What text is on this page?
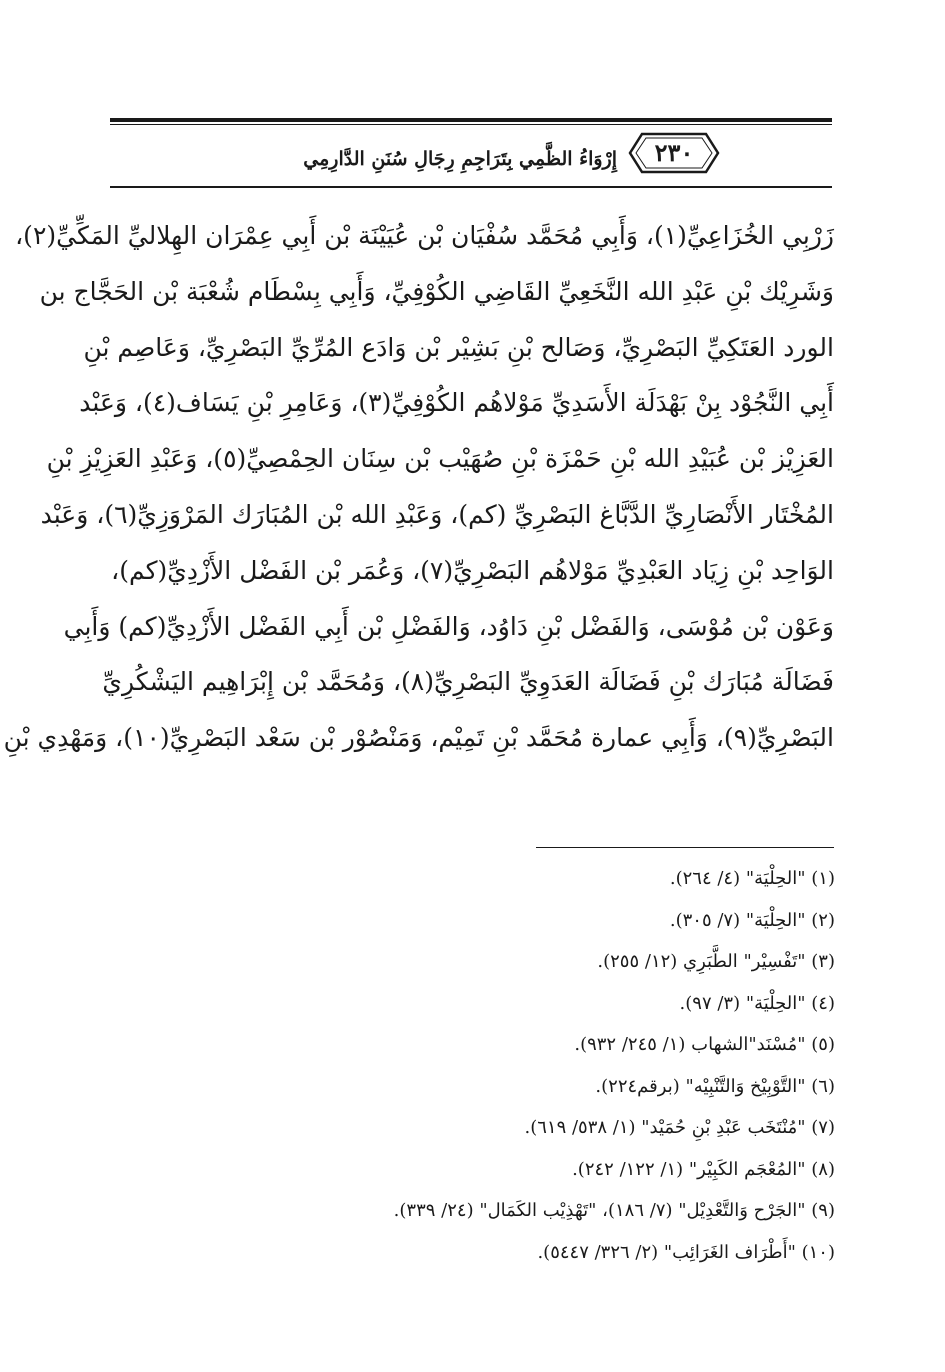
٢٣٠
إِرْوَاءُ الظَّمِي بِتَرَاجِمِ رِجَالِ سُنَنِ الدَّارِمِي
زَرْبِي الخُزَاعِيِّ(١)، وَأَبِي مُحَمَّد سُفْيَان بْن عُيَيْنَة بْن أَبِي عِمْرَان الهِلاليِّ المَكِّيِّ(٢)،
وَشَرِيْك بْنِ عَبْدِ الله النَّخَعِيِّ القَاضِي الكُوْفِيِّ، وَأَبِي بِسْطَام شُعْبَة بْن الحَجَّاج بن
الورد العَتَكِيِّ البَصْرِيِّ، وَصَالح بْنِ بَشِيْر بْن وَادَع المُرِّيِّ البَصْرِيِّ، وَعَاصِم بْنِ
أَبِي النَّجُوْد بِنْ بَهْدَلَة الأَسَدِيِّ مَوْلاهُم الكُوْفِيِّ(٣)، وَعَامِرِ بْنِ يَسَاف(٤)، وَعَبْد
العَزِيْز بْن عُبَيْدِ الله بْنِ حَمْزَة بْنِ صُهَيْب بْن سِنَان الحِمْصِيِّ(٥)، وَعَبْدِ العَزِيْزِ بْنِ
المُخْتَار الأَنْصَارِيِّ الدَّبَّاغ البَصْرِيِّ (كم)، وَعَبْدِ الله بْن المُبَارَك المَرْوَزِيِّ(٦)، وَعَبْد
الوَاحِد بْنِ زِيَاد العَبْدِيِّ مَوْلاهُم البَصْرِيِّ(٧)، وَعُمَر بْن الفَضْل الأَزْدِيِّ(كم)،
وَعَوْن بْن مُوْسَى، وَالفَضْل بْنِ دَاوُد، وَالفَضْلِ بْن أَبِي الفَضْل الأَزْدِيِّ(كم) وَأَبِي
فَضَالَة مُبَارَك بْنِ فَضَالَة العَدَوِيِّ البَصْرِيِّ(٨)، وَمُحَمَّد بْن إِبْرَاهِيم اليَشْكُرِيِّ
البَصْرِيِّ(٩)، وَأَبِي عمارة مُحَمَّد بْنِ تَمِيْم، وَمَنْصُوْر بْن سَعْد البَصْرِيِّ(١٠)، وَمَهْدِي بْنِ
(١) "الحِلْيَة" (٤/ ٢٦٤).
(٢) "الحِلْيَة" (٧/ ٣٠٥).
(٣) "تَفْسِيْر" الطَّبَرِي (١٢/ ٢٥٥).
(٤) "الحِلْيَة" (٣/ ٩٧).
(٥) "مُسْنَد"الشهاب (١/ ٢٤٥/ ٩٣٢).
(٦) "التَّوْبِيْخ وَالتَّنْبِيْه" (برقم٢٢٤).
(٧) "مُنْتَخَب عَبْدِ بْنِ حُمَيْد" (١/ ٥٣٨/ ٦١٩).
(٨) "المُعْجَم الكَبِيْر" (١/ ١٢٢/ ٢٤٢).
(٩) "الجَرْح وَالتَّعْدِيْل" (٧/ ١٨٦)، "تَهْذِيْب الكَمَال" (٢٤/ ٣٣٩).
(١٠) "أَطْرَاف الغَرَائِب" (٢/ ٣٢٦/ ٥٤٤٧).
